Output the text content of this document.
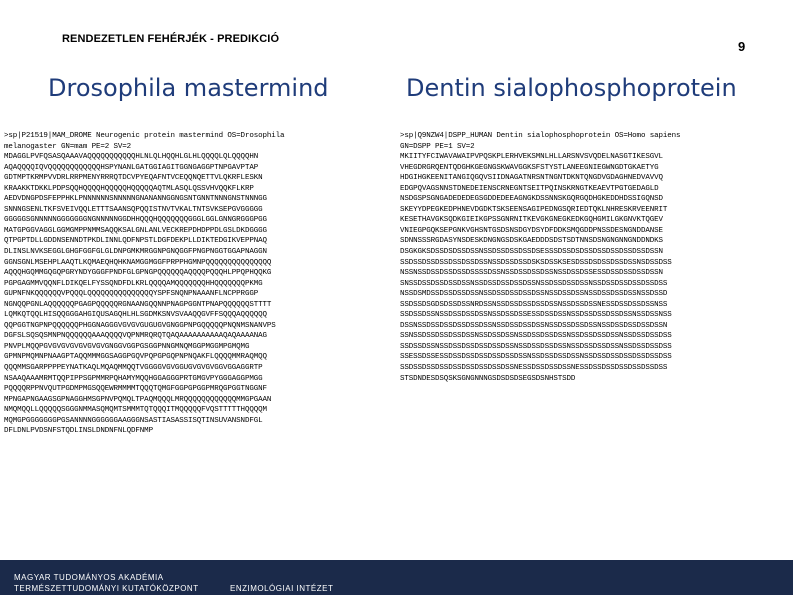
RENDEZETLEN FEHÉRJÉK - PREDIKCIÓ	9
Drosophila mastermind	Dentin sialophosphoprotein
>sp|P21519|MAM_DROME Neurogenic protein mastermind OS=Drosophila
melanogaster GN=mam PE=2 SV=2
MDAGGLPVFQSASQAAAVAQQQQQQQQQQQHLNLQLHQQHLGLHLQQQQLQLQQQQHN
AQAQQQQIQVQQQQQQQQQQQQHSPYNANLGATGGIAGITGGNGAGGPTNPGAVPTAP
GDTMPTKRMPVVDRLRRPMENYRRRQTDCVPYEQAFNTVCEQQNQETTVLQKRFLESKN
KRAAKKTDKKLPDPSQQHQQQQHQQQQQHQQQQQAQTMLASQLQSSVHVQQKFLKRP
AEDVDNGPDSFEPPHKLPNNNNNNSNNNNNGNANANNGGNGSNTGNNTNNNGNSTNNNGG
SNNNGSENLTKFSVEIVQQLETTTSAANSQPQQISTNVTVKALTNTSVKSEPGVGGGGG
GGGGGSGNNNNNGGGGGGGNGNNNNNGGDHHQQQHQQQQQQQGGGLGGLGNNGRGGGPGG
MATGPGGVAGGLGGMGMPPNMMSAQQKSALGNLANLVECKREPDHDPPDLGSLDKDGGGG
QTPGPTDLLGDDNSENNDTPKDLINNLQDFNPSTLDGFDEKPLLDIKTEDGIKVEPPNAQ
DLINSLNVKSEGGLGHGFGGFGLGLDNPGMKMRGGNPGNQGGFPNGPNGGTGGAPNAGGN
GGNSGNLMSEHPLAAQTLKQMAEQHQHKNAMGGMGGFPRPPHGMNPQQQQQQQQQQQQQQQ
AQQQHGQMMGQGQPGRYNDYGGGFPNDFGLGPNGPQQQQQQAQQQQPQQQHLPPQPHQQKG
PGPGAGMMVQQNFLDIKQELFYSSQNDFDLKRLQQQQAMQQQQQQQHHQQQQQQQPKMG
GUPNFNKQQQQQQVPQQQLQQQQQQQQQQQQQQQYSPFSNQNPNAAANFLNCPPRGGP
NGNQQPGNLAQQQQQQPGAGPQQQQQRGNAANGQQNNPNAGPGGNTPNAPQQQQQQSTTTT
LQMKQTQQLHISQQGGGAHGIQUSAGQHLHLSGDMKSNVSVAAQQGVFFSQQQAQQQQQQ
QQPGGTNGPNPQQQQQQPHGGNAGGGVGVGVGUGUGVGNGGPNPGQQQQQPNQNMSNANVPS
DGFSLSQSQSMNPNQQQQQQAAAQQQQVQPNMRQRQTQAQAAAAAAAAAAQAQAAAANAG
PNVPLMQQPGVGVGVGVGVGVGVGNGGVGGPGSGGPNNGMNQMGGPMGGMPGMQMG
GPMNPMQMNPNAAGPTAQQMMMGGSAGGPGQVPQPGPGQPNPNQAKFLQQQQMMRAQMQQ
QQQMMSGARPPPPEYNATKAQLMQAQMMQQTVGGGGVGVGGUGVGVGVGGVGGAGGRTP
NSAAQAAAMRMTQQPIPPSGPMMRPQHAMYMQQHGGAGGGPRTGMGVPYGGGAGGPMGG
PQQQQRPPNVQUTPGDMPMGSQQEWRMMMMTQQQTQMGFGGPGPGGPMRQGPGGTNGGNF
MPNGAPNGAAGSGPNAGGHMSGPNVPQMQLTPAQMQQQLMRQQQQQQQQQQQQMMGPGAAN
NMQMQQLLQQQQQSGGGNMMASQMQMTSMMMTQTQQQITMQQQQQFVQSTTTTTHQQQQM
MQMGPGGGGGGGPGSANNNNGGGGGGAAGGGNSASTIASASSISQTINSUVANSNDFGL
DFLDNLPVDSNFSTQDLINSLDNDNFNLQDFNMP
>sp|Q9NZW4|DSPP_HUMAN Dentin sialophosphoprotein OS=Homo sapiens
GN=DSPP PE=1 SV=2
MKIITYFCIWAVAWAIPVPQSKPLERHVEKSMNLHLLARSNVSVQDELNASGTIKESGVL
VHEGDRGRQENTQDGHKGEGNGSKWAVGGKSFSTYSTLANEEGNIEGWNGDTGKAETYG
HDGIHGKEENITANGIQGQVSIIDNAGATNRSNTNGNTDKNTQNGDVGDAGHNEDVAVVQ
EDGPQVAGSNNSTDNEDEIENSCRNEGNTSEITPQINSKRNGTKEAEVTPGTGEDAGLD
NSDGSPSGNGADEDEDEGSGDDEDEEAGNGKDSSNNSKGQRGQDHGKEDDHDSSIGQNSD
SKEYYDPEGKEDPHNEVDGDKTSKSEENSAGIPEDNGSQRIEDTQKLNHRESKRVEENRIT
KESETHAVGKSQDKGIEIKGPSSGNRNITKEVGKGNEGKEDKGQHGMILGKGNVKTQGEV
VNIEGPGQKSEPGNKVGHSNTGSDSNSDGYDSYDFDDKSMQGDDPNSSDESNGNDDANSE
SDNNSSSRGDASYNSDESKDNGNGSDSKGAEDDDSDSTSDTNNSDSNGNGNNGNDDNDKS
DSGKGKSDSSDSDSSDSSNSSDSSDSSDSSDSESSSDSSDSDSSDSSDSSDSSDSSDSSN
SSDSSDSSDSSDSSDSSDSSNSSDSSDSSDSKSDSSKSESDSSDSDSSDSSDSSNSDSSDSS
NSSNSSDSSDSSDSSDSSSSDSSNSSDSSDSSDSSNSSDSSDSSESSDSSDSSDSSDSSN
SNSSDSSDSSDSSDSSNSSDSSDSSDSSDSSNSSDSSDSSDSSNSSDSSDSSDSSDSSDSS
NSSDSMDSSDSSDSSDSSNSSDSSDSSDSSDSSNSSDSSDSSNSSDSSDSSDSSNSSDSSD
SSDSSDSGDSDSSDSSNRDSSNSSDSSDSSDSSDSSNSSDSSDSSNESSDSSDSSDSSNSS
SSDSSDSSNSSDSSDSSDSSNSSDSSDSSESSDSSDSSNSSDSSDSSDSSDSSNSSDSSNSS
DSSNSSDSSDSSDSSDSSDSSNSSDSSDSSDSSNSSDSSDSSDSSNSSDSSDSSDSSDSSN
SSNSSDSSDSSDSSDSSNSSDSSDSSNSSDSSDSSDSSNSSDSSDSSDSSNSSDSSDSSDSS
SSDSSDSSNSSDSSDSSDSSDSSDSSNSSDSSDSSDSSNSSDSSDSSDSSNSSDSSDSSDSS
SSESSDSSESSDSSDSSDSSDSSDSSDSSNSSDSSDSSDSSNSSDSSDSSDSSDSSDSSDSS
SSDSSDSSDSSDSSDSSDSSDSSDSSNESSDSSDSSDSSNESSDSSDSSDSSDSSDSSDSS
STSDNDESDSQSKSGNGNNNGSDSDSDSEGSDSNHSTSDD
MAGYAR TUDOMÁNYOS AKADÉMIA
TERMÉSZETTUDOMÁNYI KUTATÓKÖZPONT	ENZIMOLÓGIAI INTÉZET
